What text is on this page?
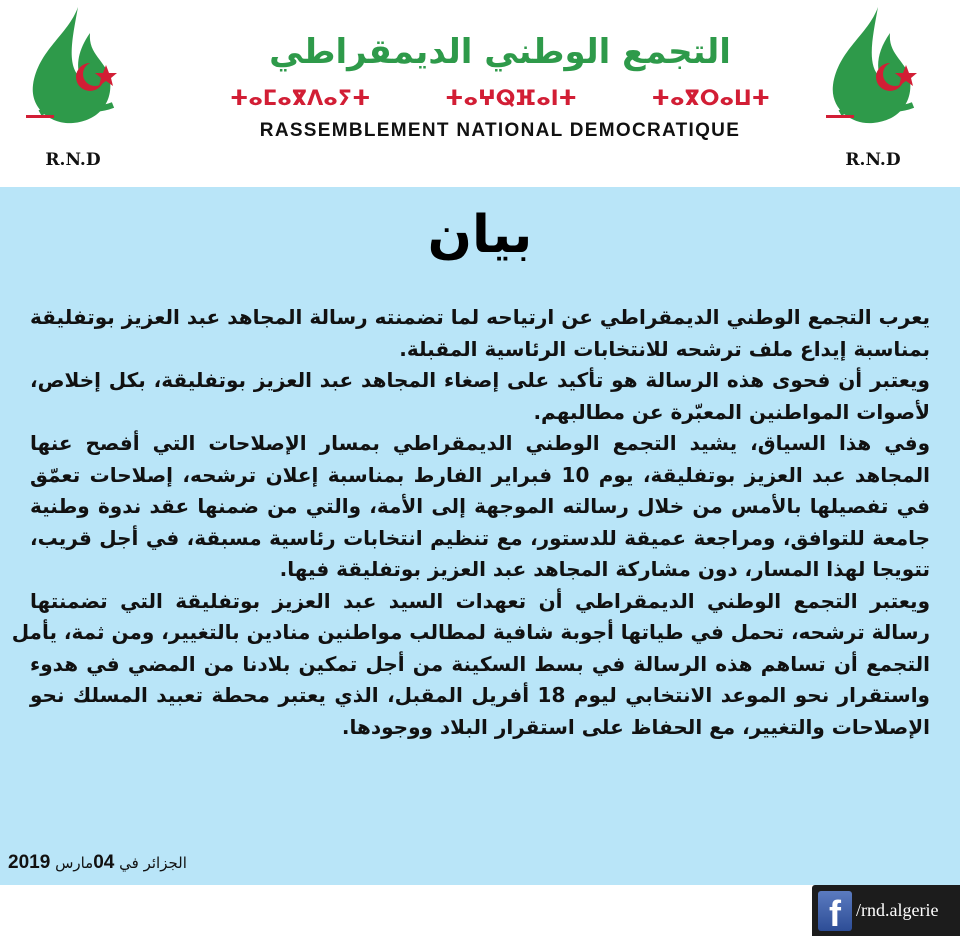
R.N.D
التجمع الوطني الديمقراطي
ⵜⴰⵎⴰⴳⴷⴰⵢⵜ	ⵜⴰⵖⵕⴼⴰⵏⵜ	ⵜⴰⴳⵔⴰⵡⵜ
RASSEMBLEMENT NATIONAL DEMOCRATIQUE
R.N.D
بيان
يعرب التجمع الوطني الديمقراطي عن ارتياحه لما تضمنته رسالة المجاهد عبد العزيز بوتفليقة
بمناسبة إيداع ملف ترشحه للانتخابات الرئاسية المقبلة.
ويعتبر أن فحوى هذه الرسالة هو تأكيد على إصغاء المجاهد عبد العزيز بوتفليقة، بكل إخلاص،
لأصوات المواطنين المعبّرة عن مطالبهم.
وفي هذا السياق، يشيد التجمع الوطني الديمقراطي بمسار الإصلاحات التي أفصح عنها
المجاهد عبد العزيز بوتفليقة، يوم 10 فبراير الفارط بمناسبة إعلان ترشحه، إصلاحات تعمّق
في تفصيلها بالأمس من خلال رسالته الموجهة إلى الأمة، والتي من ضمنها عقد ندوة وطنية
جامعة للتوافق، ومراجعة عميقة للدستور، مع تنظيم انتخابات رئاسية مسبقة، في أجل قريب،
تتويجا لهذا المسار، دون مشاركة المجاهد عبد العزيز بوتفليقة فيها.
ويعتبر التجمع الوطني الديمقراطي أن تعهدات السيد عبد العزيز بوتفليقة التي تضمنتها
رسالة ترشحه، تحمل في طياتها أجوبة شافية لمطالب مواطنين منادين بالتغيير، ومن ثمة، يأمل
التجمع أن تساهم هذه الرسالة في بسط السكينة من أجل تمكين بلادنا من المضي في هدوء
واستقرار نحو الموعد الانتخابي ليوم 18 أفريل المقبل، الذي يعتبر محطة تعبيد المسلك نحو
الإصلاحات والتغيير، مع الحفاظ على استقرار البلاد ووجودها.
الجزائر في 04مارس 2019
f /rnd.algerie
